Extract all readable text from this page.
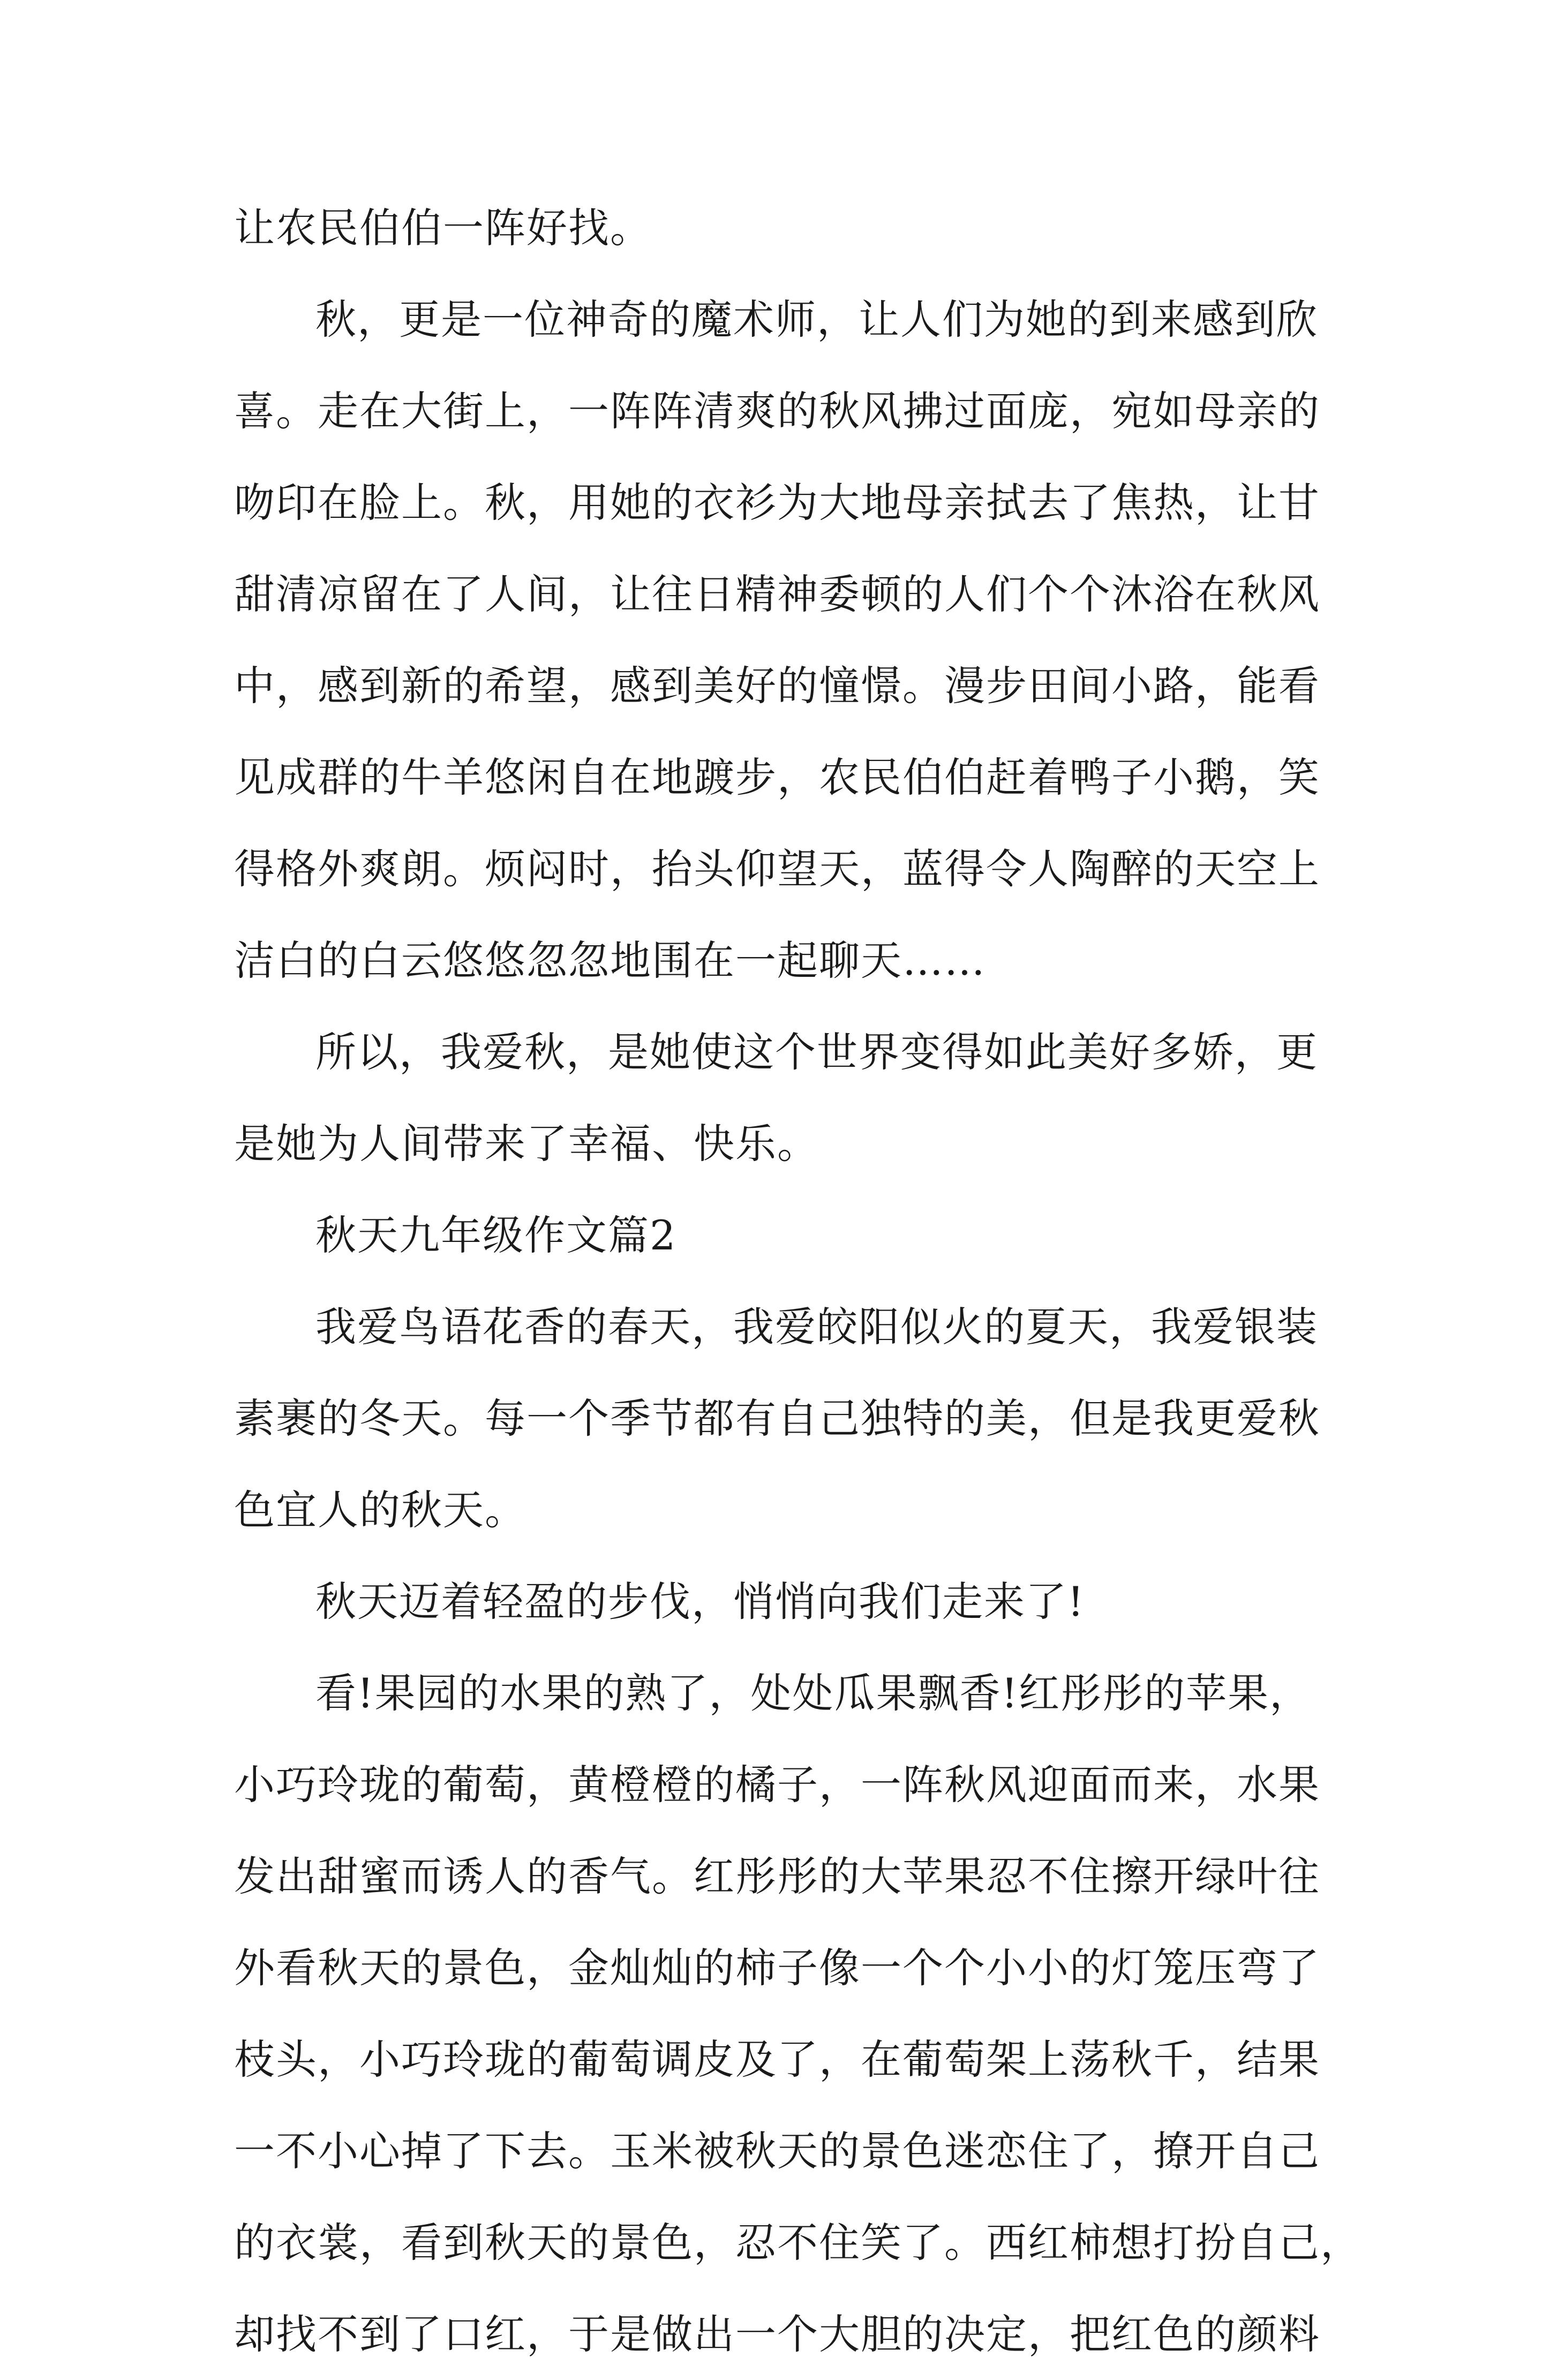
让农民伯伯一阵好找。
秋，更是一位神奇的魔术师，让人们为她的到来感到欣
喜。走在大街上，一阵阵清爽的秋风拂过面庞，宛如母亲的
吻印在脸上。秋，用她的衣衫为大地母亲拭去了焦热，让甘
甜清凉留在了人间，让往日精神委顿的人们个个沐浴在秋风
中，感到新的希望，感到美好的憧憬。漫步田间小路，能看
见成群的牛羊悠闲自在地踱步，农民伯伯赶着鸭子小鹅，笑
得格外爽朗。烦闷时，抬头仰望天，蓝得令人陶醉的天空上
洁白的白云悠悠忽忽地围在一起聊天……
所以，我爱秋，是她使这个世界变得如此美好多娇，更
是她为人间带来了幸福、快乐。
秋天九年级作文篇2
我爱鸟语花香的春天，我爱皎阳似火的夏天，我爱银装
素裹的冬天。每一个季节都有自己独特的美，但是我更爱秋
色宜人的秋天。
秋天迈着轻盈的步伐，悄悄向我们走来了!
看!果园的水果的熟了，处处瓜果飘香!红彤彤的苹果，
小巧玲珑的葡萄，黄橙橙的橘子，一阵秋风迎面而来，水果
发出甜蜜而诱人的香气。红彤彤的大苹果忍不住擦开绿叶往
外看秋天的景色，金灿灿的柿子像一个个小小的灯笼压弯了
枝头，小巧玲珑的葡萄调皮及了，在葡萄架上荡秋千，结果
一不小心掉了下去。玉米被秋天的景色迷恋住了，撩开自己
的衣裳，看到秋天的景色，忍不住笑了。西红柿想打扮自己，
却找不到了口红，于是做出一个大胆的决定，把红色的颜料
